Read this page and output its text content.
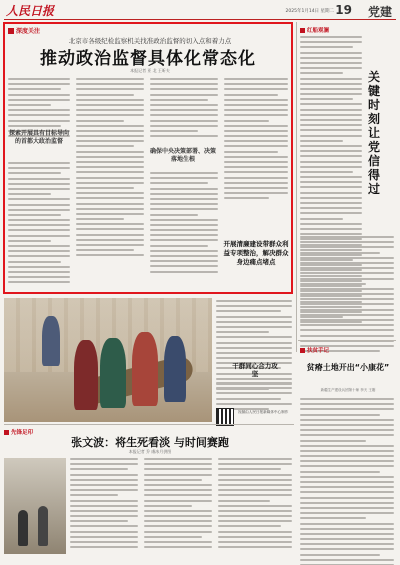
人民日报	2025年1月14日 星期二 19 党建
深度关注
北京市各级纪检监察机关找准政治监督的切入点和着力点
推动政治监督具体化常态化
本报记者 亚 北 王昕夫
探索开展具有目标导向的首都大政治监督
确保中央决策部署、决策落地生根
开展清廉建设带群众利益专项整治，解决群众身边痛点堵点
红船观澜
关键时刻让党信得过
干群同心合力攻坚
视频由人民日报新媒体中心制作
扶贫手记
贫瘠土地开出“小康花”
新疆生产建设兵团第十师 李天 王刚
先锋足印
张文波：将生死看淡 与时间赛跑
本报记者 乔 虞冰月供图
